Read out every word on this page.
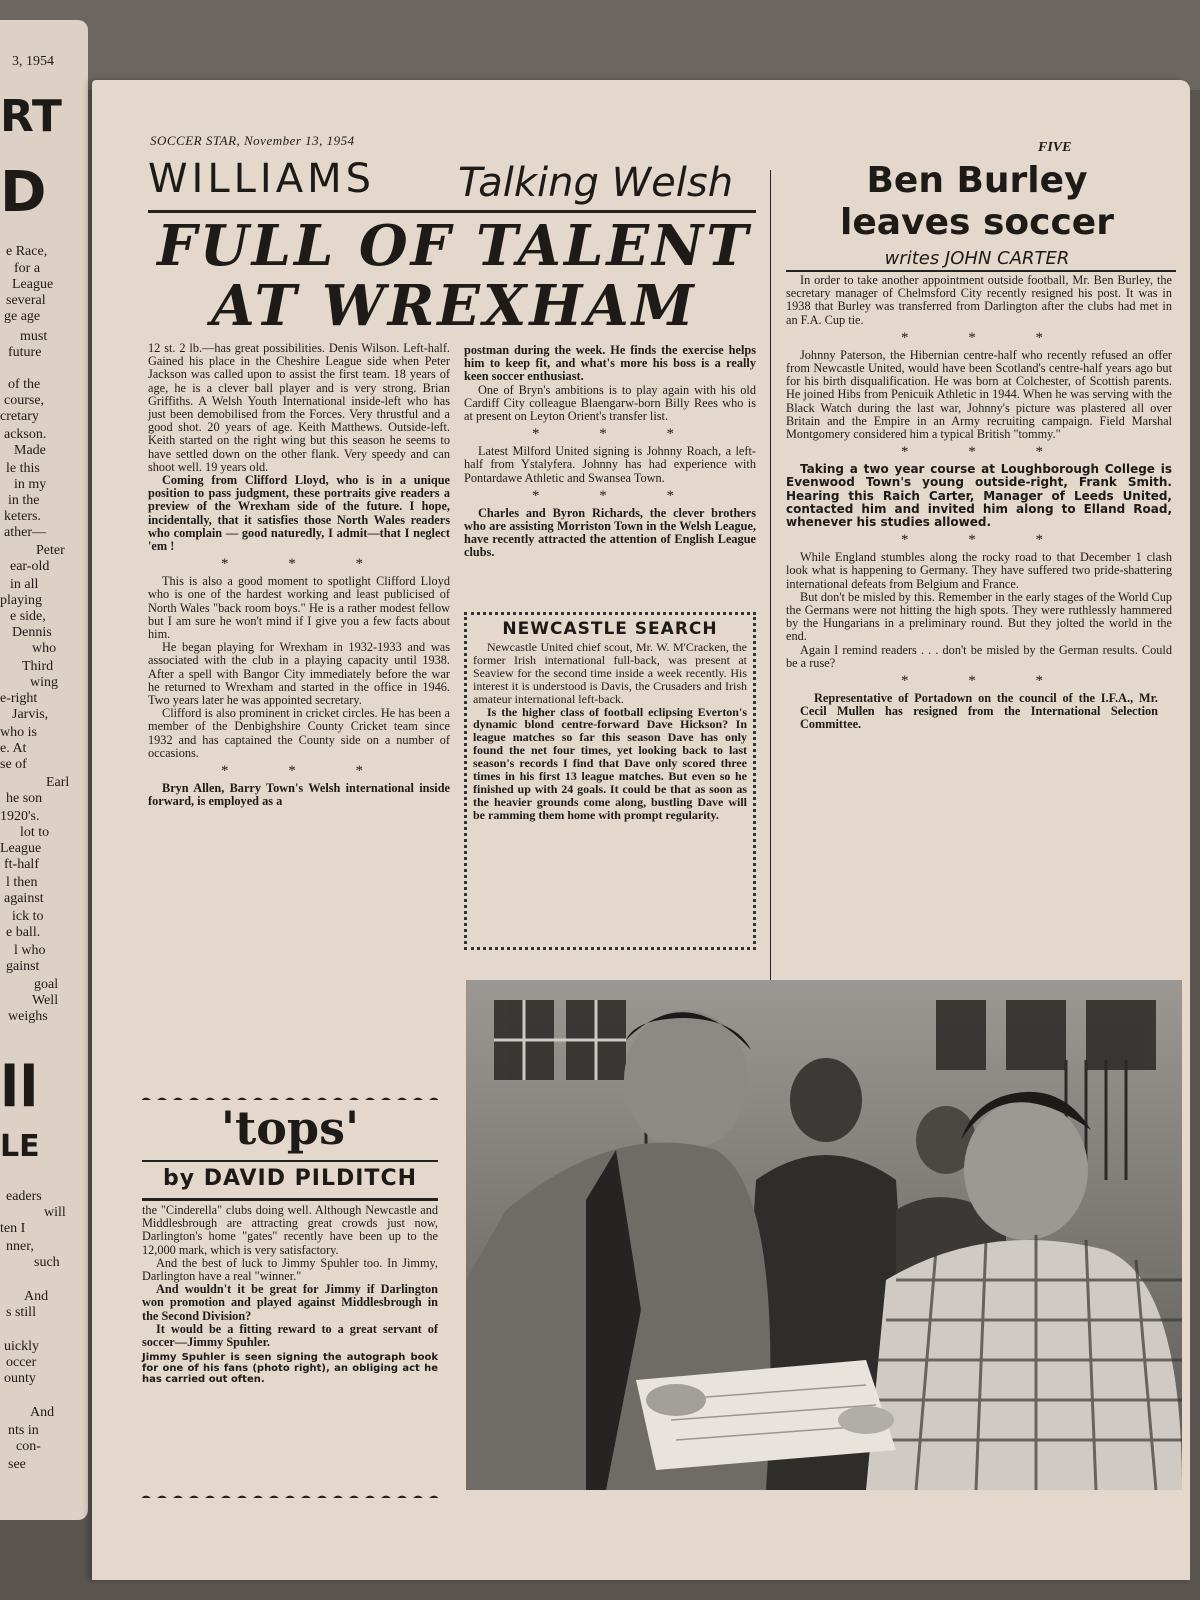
3, 1954
RT
D
e Race,
for a
League
several
ge age
must
future
of the
course,
cretary
ackson.
Made
le this
in my
in the
keters.
ather—
Peter
ear-old
in all
playing
e side,
Dennis
who
Third
wing
e-right
Jarvis,
who is
e. At
se of
Earl
he son
1920's.
lot to
League
ft-half
l then
against
ick to
e ball.
l who
gainst
goal
Well
weighs
ll
LE
eaders
will
ten I
nner,
such
And
s still
uickly
occer
ounty
And
nts in
con-
see
SOCCER STAR, November 13, 1954	FIVE
WILLIAMS Talking Welsh
FULL OF TALENT
AT WREXHAM

12 st. 2 lb.—has great possibilities. Denis Wilson. Left-half. Gained his place in the Cheshire League side when Peter Jackson was called upon to assist the first team. 18 years of age, he is a clever ball player and is very strong. Brian Griffiths. A Welsh Youth International inside-left who has just been demobilised from the Forces. Very thrustful and a good shot. 20 years of age. Keith Matthews. Outside-left. Keith started on the right wing but this season he seems to have settled down on the other flank. Very speedy and can shoot well. 19 years old.

Coming from Clifford Lloyd, who is in a unique position to pass judgment, these portraits give readers a preview of the Wrexham side of the future. I hope, incidentally, that it satisfies those North Wales readers who complain — good naturedly, I admit—that I neglect 'em !

* * *

This is also a good moment to spotlight Clifford Lloyd who is one of the hardest working and least publicised of North Wales "back room boys." He is a rather modest fellow but I am sure he won't mind if I give you a few facts about him.

He began playing for Wrexham in 1932-1933 and was associated with the club in a playing capacity until 1938. After a spell with Bangor City immediately before the war he returned to Wrexham and started in the office in 1946. Two years later he was appointed secretary.

Clifford is also prominent in cricket circles. He has been a member of the Denbighshire County Cricket team since 1932 and has captained the County side on a number of occasions.

* * *

Bryn Allen, Barry Town's Welsh international inside forward, is employed as a

postman during the week. He finds the exercise helps him to keep fit, and what's more his boss is a really keen soccer enthusiast.

One of Bryn's ambitions is to play again with his old Cardiff City colleague Blaengarw-born Billy Rees who is at present on Leyton Orient's transfer list.

* * *

Latest Milford United signing is Johnny Roach, a left-half from Ystalyfera. Johnny has had experience with Pontardawe Athletic and Swansea Town.

* * *

Charles and Byron Richards, the clever brothers who are assisting Morriston Town in the Welsh League, have recently attracted the attention of English League clubs.

NEWCASTLE SEARCH

Newcastle United chief scout, Mr. W. M'Cracken, the former Irish international full-back, was present at Seaview for the second time inside a week recently. His interest it is understood is Davis, the Crusaders and Irish amateur international left-back.

Is the higher class of football eclipsing Everton's dynamic blond centre-forward Dave Hickson? In league matches so far this season Dave has only found the net four times, yet looking back to last season's records I find that Dave only scored three times in his first 13 league matches. But even so he finished up with 24 goals. It could be that as soon as the heavier grounds come along, bustling Dave will be ramming them home with prompt regularity.

Ben Burley
leaves soccer
writes JOHN CARTER

In order to take another appointment outside football, Mr. Ben Burley, the secretary manager of Chelmsford City recently resigned his post. It was in 1938 that Burley was transferred from Darlington after the clubs had met in an F.A. Cup tie.

* * *

Johnny Paterson, the Hibernian centre-half who recently refused an offer from Newcastle United, would have been Scotland's centre-half years ago but for his birth disqualification. He was born at Colchester, of Scottish parents. He joined Hibs from Penicuik Athletic in 1944. When he was serving with the Black Watch during the last war, Johnny's picture was plastered all over Britain and the Empire in an Army recruiting campaign. Field Marshal Montgomery considered him a typical British "tommy."

* * *

Taking a two year course at Loughborough College is Evenwood Town's young outside-right, Frank Smith. Hearing this Raich Carter, Manager of Leeds United, contacted him and invited him along to Elland Road, whenever his studies allowed.

* * *

While England stumbles along the rocky road to that December 1 clash look what is happening to Germany. They have suffered two pride-shattering international defeats from Belgium and France.

But don't be misled by this. Remember in the early stages of the World Cup the Germans were not hitting the high spots. They were ruthlessly hammered by the Hungarians in a preliminary round. But they jolted the world in the end.

Again I remind readers . . . don't be misled by the German results. Could be a ruse?

* * *

Representative of Portadown on the council of the I.F.A., Mr. Cecil Mullen has resigned from the International Selection Committee.

'tops'
by DAVID PILDITCH

the "Cinderella" clubs doing well. Although Newcastle and Middlesbrough are attracting great crowds just now, Darlington's home "gates" recently have been up to the 12,000 mark, which is very satisfactory.

And the best of luck to Jimmy Spuhler too. In Jimmy, Darlington have a real "winner."

And wouldn't it be great for Jimmy if Darlington won promotion and played against Middlesbrough in the Second Division?

It would be a fitting reward to a great servant of soccer—Jimmy Spuhler.

Jimmy Spuhler is seen signing the autograph book for one of his fans (photo right), an obliging act he has carried out often.
